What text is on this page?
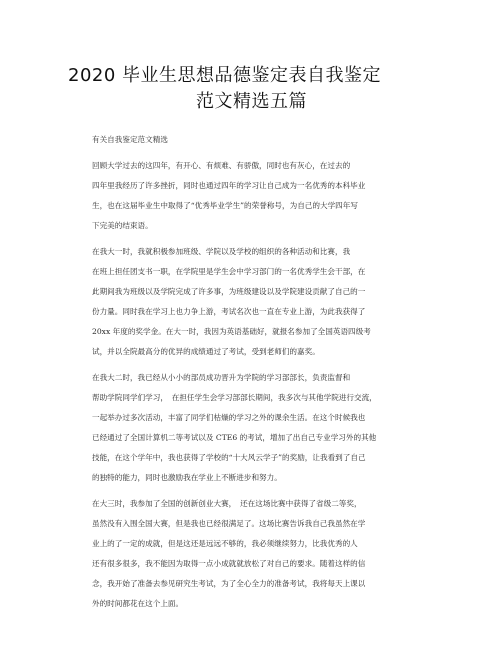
2020 毕业生思想品德鉴定表自我鉴定
范文精选五篇
有关自我鉴定范文精选
回顾大学过去的这四年，有开心、有烦难、有骄傲，同时也有灰心，在过去的
四年里我经历了许多挫折，同时也通过四年的学习让自己成为一名优秀的本科毕业
生，也在这届毕业生中取得了“优秀毕业学生”的荣誉称号，为自己的大学四年写
下完美的结束语。
在我大一时，我就积极参加班级、学院以及学校的组织的各种活动和比赛，我
在班上担任团支书一职，在学院里是学生会中学习部门的一名优秀学生会干部，在
此期间我为班级以及学院完成了许多事，为班级建设以及学院建设贡献了自己的一
份力量。同时我在学习上也力争上游，考试名次也一直在专业上游，为此我获得了
20xx 年度的奖学金。在大一时，我因为英语基础好，就报名参加了全国英语四级考
试，并以全院最高分的优异的成绩通过了考试，受到老师们的嘉奖。
在我大二时，我已经从小小的部员成功晋升为学院的学习部部长，负责监督和
帮助学院同学们学习，　在担任学生会学习部部长期间，我多次与其他学院进行交流，
一起举办过多次活动，丰富了同学们枯燥的学习之外的课余生活。在这个时候我也
已经通过了全国计算机二等考试以及 CTE6 的考试，增加了出自己专业学习外的其他
技能，在这个学年中，我也获得了学校的“十大风云学子”的奖励，让我看到了自己
的独特的能力，同时也激励我在学业上不断进步和努力。
在大三时，我参加了全国的创新创业大赛，　还在这场比赛中获得了省级二等奖，
虽然没有入围全国大赛，但是我也已经很满足了。这场比赛告诉我自己我虽然在学
业上的了一定的成就，但是这还是远远不够的，我必须继续努力，比我优秀的人
还有很多很多，我不能因为取得一点小成就就放松了对自己的要求。随着这样的信
念，我开始了准备去参见研究生考试，为了全心全力的准备考试，我将每天上课以
外的时间都花在这个上面。
